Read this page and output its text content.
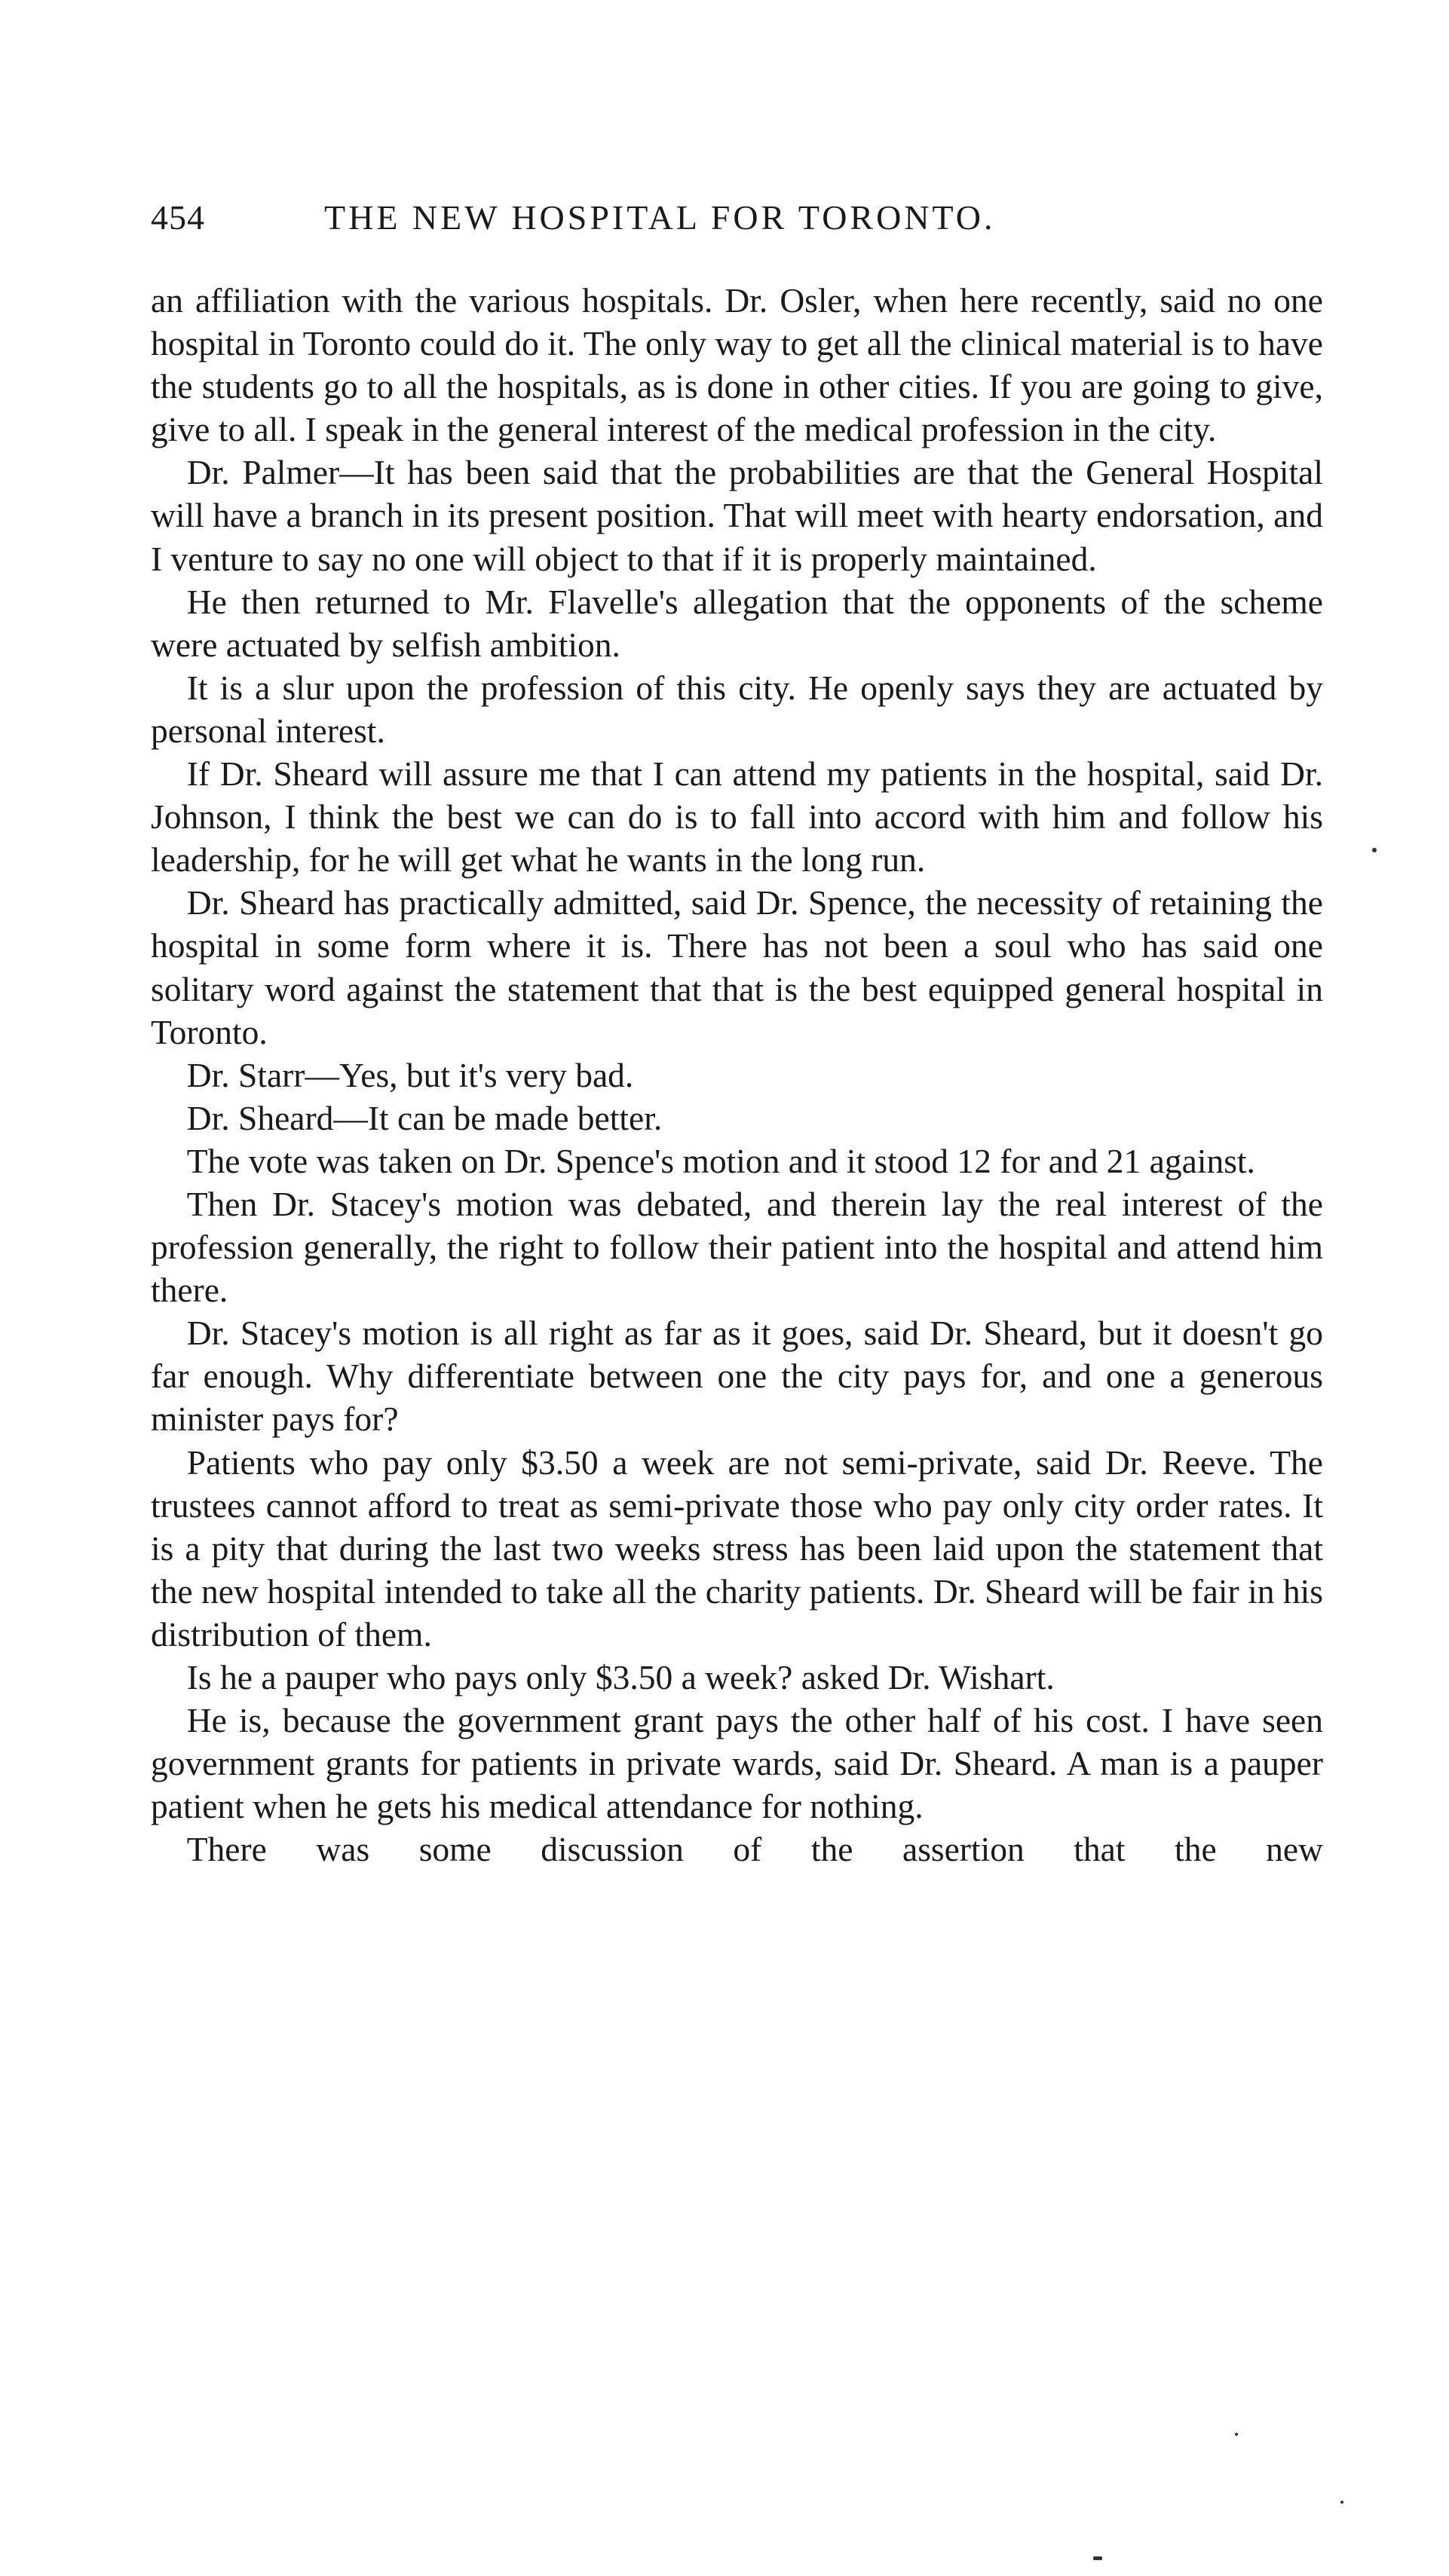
454	THE NEW HOSPITAL FOR TORONTO.

an affiliation with the various hospitals. Dr. Osler, when here recently, said no one hospital in Toronto could do it. The only way to get all the clinical material is to have the students go to all the hospitals, as is done in other cities. If you are going to give, give to all. I speak in the general interest of the medical profession in the city.

Dr. Palmer—It has been said that the probabilities are that the General Hospital will have a branch in its present position. That will meet with hearty endorsation, and I venture to say no one will object to that if it is properly maintained.

He then returned to Mr. Flavelle's allegation that the opponents of the scheme were actuated by selfish ambition.

It is a slur upon the profession of this city. He openly says they are actuated by personal interest.

If Dr. Sheard will assure me that I can attend my patients in the hospital, said Dr. Johnson, I think the best we can do is to fall into accord with him and follow his leadership, for he will get what he wants in the long run.

Dr. Sheard has practically admitted, said Dr. Spence, the necessity of retaining the hospital in some form where it is. There has not been a soul who has said one solitary word against the statement that that is the best equipped general hospital in Toronto.

Dr. Starr—Yes, but it's very bad.

Dr. Sheard—It can be made better.

The vote was taken on Dr. Spence's motion and it stood 12 for and 21 against.

Then Dr. Stacey's motion was debated, and therein lay the real interest of the profession generally, the right to follow their patient into the hospital and attend him there.

Dr. Stacey's motion is all right as far as it goes, said Dr. Sheard, but it doesn't go far enough. Why differentiate between one the city pays for, and one a generous minister pays for?

Patients who pay only $3.50 a week are not semi-private, said Dr. Reeve. The trustees cannot afford to treat as semi-private those who pay only city order rates. It is a pity that during the last two weeks stress has been laid upon the statement that the new hospital intended to take all the charity patients. Dr. Sheard will be fair in his distribution of them.

Is he a pauper who pays only $3.50 a week? asked Dr. Wishart.

He is, because the government grant pays the other half of his cost. I have seen government grants for patients in private wards, said Dr. Sheard. A man is a pauper patient when he gets his medical attendance for nothing.

There was some discussion of the assertion that the new
